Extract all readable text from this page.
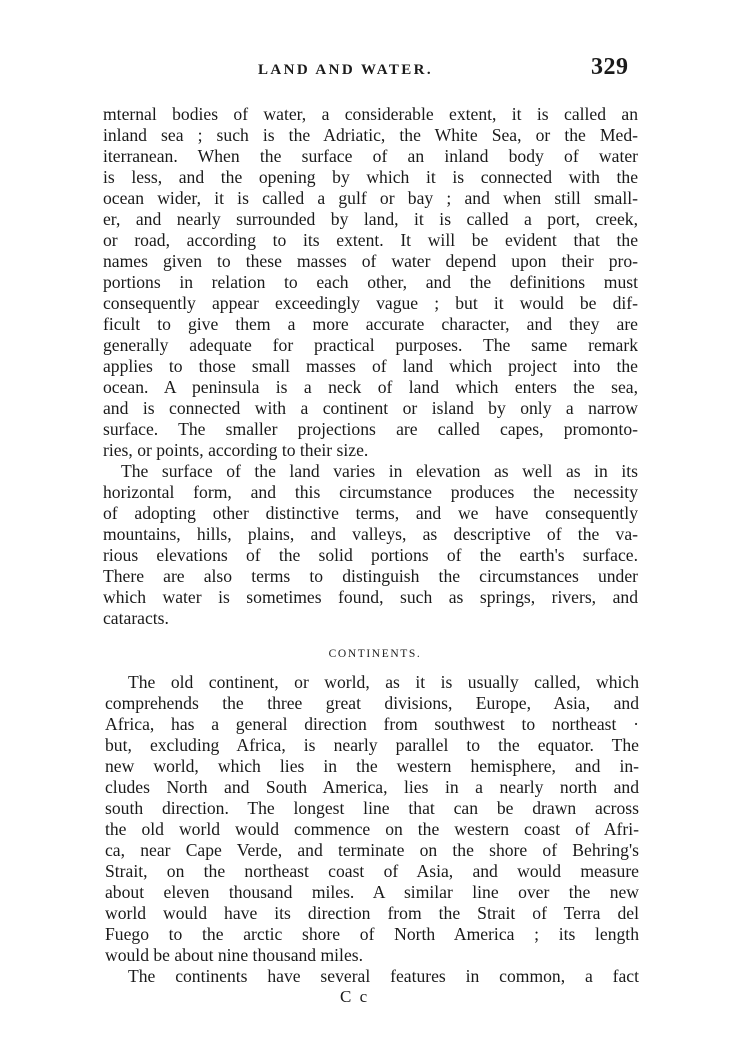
LAND AND WATER.	329
mternal bodies of water, a considerable extent, it is called an
inland sea ; such is the Adriatic, the White Sea, or the Med-
iterranean. When the surface of an inland body of water
is less, and the opening by which it is connected with the
ocean wider, it is called a gulf or bay ; and when still small-
er, and nearly surrounded by land, it is called a port, creek,
or road, according to its extent. It will be evident that the
names given to these masses of water depend upon their pro-
portions in relation to each other, and the definitions must
consequently appear exceedingly vague ; but it would be dif-
ficult to give them a more accurate character, and they are
generally adequate for practical purposes. The same remark
applies to those small masses of land which project into the
ocean. A peninsula is a neck of land which enters the sea,
and is connected with a continent or island by only a narrow
surface. The smaller projections are called capes, promonto-
ries, or points, according to their size.
The surface of the land varies in elevation as well as in its
horizontal form, and this circumstance produces the necessity
of adopting other distinctive terms, and we have consequently
mountains, hills, plains, and valleys, as descriptive of the va-
rious elevations of the solid portions of the earth's surface.
There are also terms to distinguish the circumstances under
which water is sometimes found, such as springs, rivers, and
cataracts.
CONTINENTS.
The old continent, or world, as it is usually called, which
comprehends the three great divisions, Europe, Asia, and
Africa, has a general direction from southwest to northeast ·
but, excluding Africa, is nearly parallel to the equator. The
new world, which lies in the western hemisphere, and in-
cludes North and South America, lies in a nearly north and
south direction. The longest line that can be drawn across
the old world would commence on the western coast of Afri-
ca, near Cape Verde, and terminate on the shore of Behring's
Strait, on the northeast coast of Asia, and would measure
about eleven thousand miles. A similar line over the new
world would have its direction from the Strait of Terra del
Fuego to the arctic shore of North America ; its length
would be about nine thousand miles.
The continents have several features in common, a fact
C c
